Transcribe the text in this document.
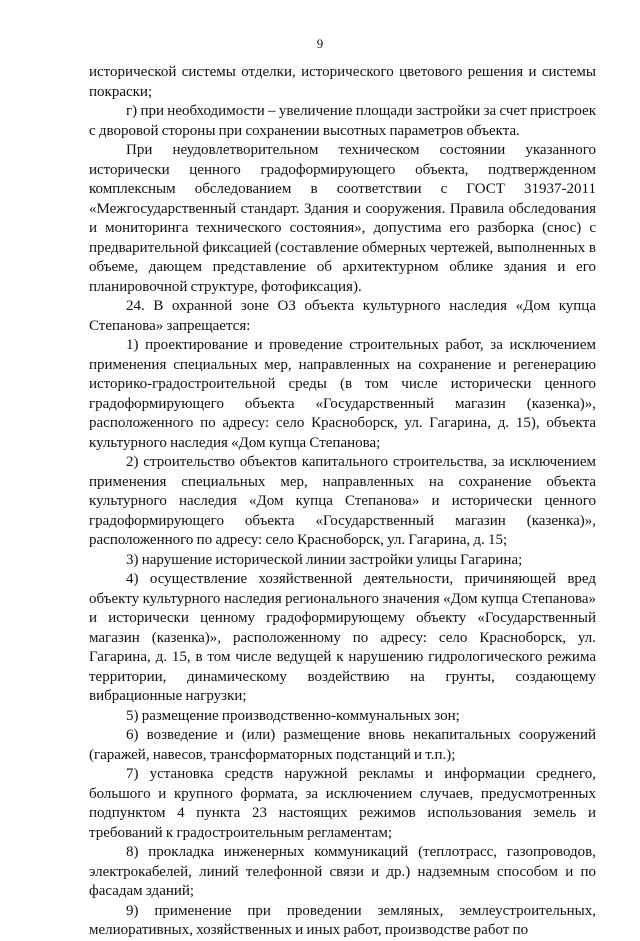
9

исторической системы отделки, исторического цветового решения и системы покраски;

г) при необходимости – увеличение площади застройки за счет пристроек с дворовой стороны при сохранении высотных параметров объекта.

При неудовлетворительном техническом состоянии указанного исторически ценного градоформирующего объекта, подтвержденном комплексным обследованием в соответствии с ГОСТ 31937-2011 «Межгосударственный стандарт. Здания и сооружения. Правила обследования и мониторинга технического состояния», допустима его разборка (снос) с предварительной фиксацией (составление обмерных чертежей, выполненных в объеме, дающем представление об архитектурном облике здания и его планировочной структуре, фотофиксация).

24. В охранной зоне ОЗ объекта культурного наследия «Дом купца Степанова» запрещается:

1) проектирование и проведение строительных работ, за исключением применения специальных мер, направленных на сохранение и регенерацию историко-градостроительной среды (в том числе исторически ценного градоформирующего объекта «Государственный магазин (казенка)», расположенного по адресу: село Красноборск, ул. Гагарина, д. 15), объекта культурного наследия «Дом купца Степанова;

2) строительство объектов капитального строительства, за исключением применения специальных мер, направленных на сохранение объекта культурного наследия «Дом купца Степанова» и исторически ценного градоформирующего объекта «Государственный магазин (казенка)», расположенного по адресу: село Красноборск, ул. Гагарина, д. 15;

3) нарушение исторической линии застройки улицы Гагарина;

4) осуществление хозяйственной деятельности, причиняющей вред объекту культурного наследия регионального значения «Дом купца Степанова» и исторически ценному градоформирующему объекту «Государственный магазин (казенка)», расположенному по адресу: село Красноборск, ул. Гагарина, д. 15, в том числе ведущей к нарушению гидрологического режима территории, динамическому воздействию на грунты, создающему вибрационные нагрузки;

5) размещение производственно-коммунальных зон;

6) возведение и (или) размещение вновь некапитальных сооружений (гаражей, навесов, трансформаторных подстанций и т.п.);

7) установка средств наружной рекламы и информации среднего, большого и крупного формата, за исключением случаев, предусмотренных подпунктом 4 пункта 23 настоящих режимов использования земель и требований к градостроительным регламентам;

8) прокладка инженерных коммуникаций (теплотрасс, газопроводов, электрокабелей, линий телефонной связи и др.) надземным способом и по фасадам зданий;

9) применение при проведении земляных, землеустроительных, мелиоративных, хозяйственных и иных работ, производстве работ по
